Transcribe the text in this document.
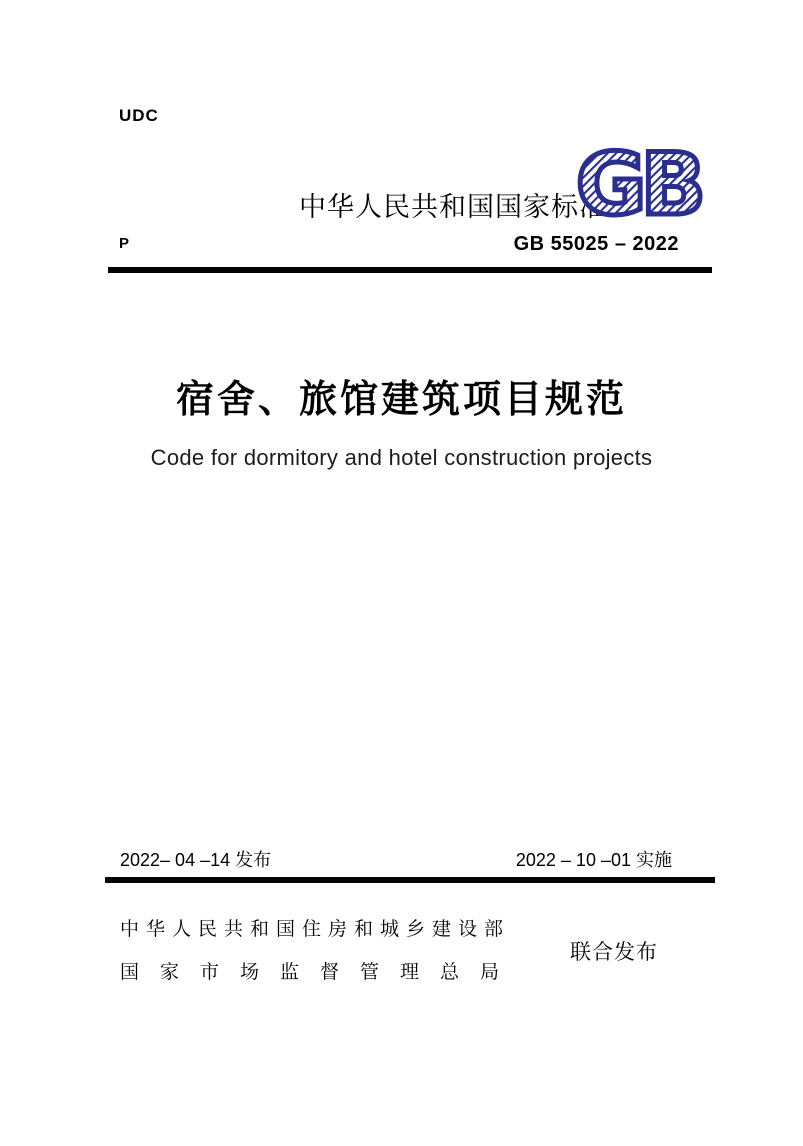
UDC
中华人民共和国国家标准
GB
P	GB 55025 – 2022
宿舍、旅馆建筑项目规范
Code for dormitory and hotel construction projects
2022– 04 –14 发布	2022 – 10 –01 实施
中华人民共和国住房和城乡建设部
国家市场监督管理总局
联合发布
